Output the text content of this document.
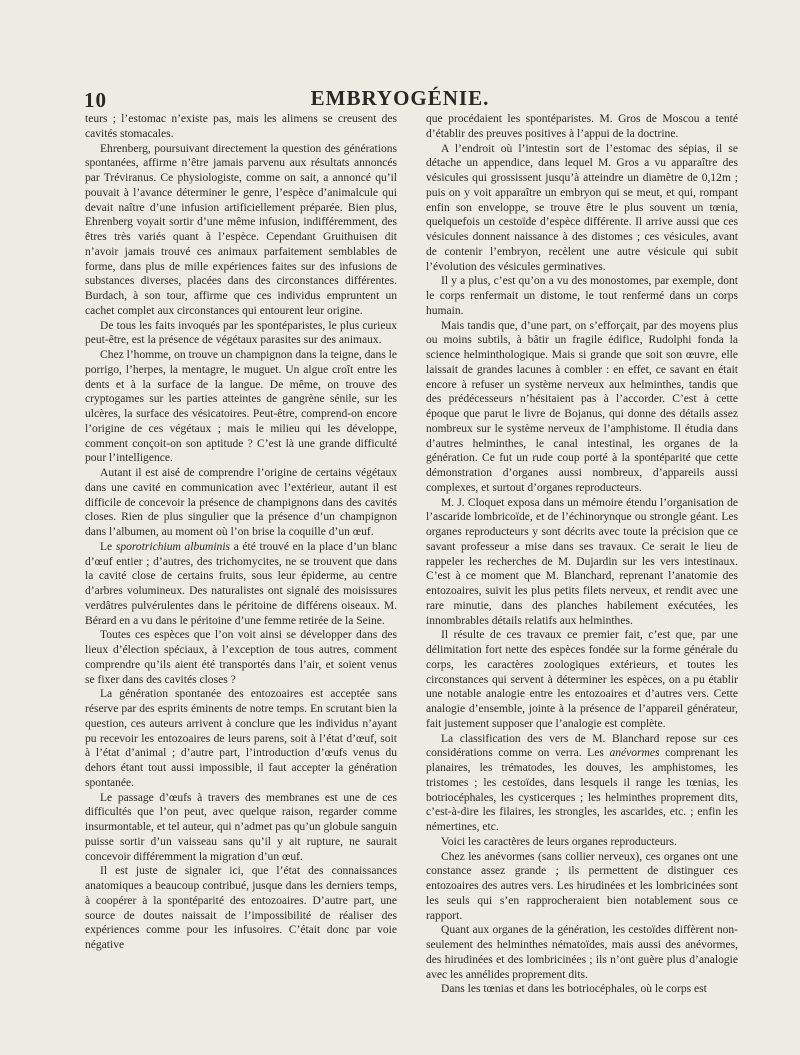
10	EMBRYOGÉNIE.

teurs ; l’estomac n’existe pas, mais les alimens se creusent des cavités stomacales.

Ehrenberg, poursuivant directement la question des générations spontanées, affirme n’être jamais parvenu aux résultats annoncés par Tréviranus. Ce physiologiste, comme on sait, a annoncé qu’il pouvait à l’avance déterminer le genre, l’espèce d’animalcule qui devait naître d’une infusion artificiellement préparée. Bien plus, Ehrenberg voyait sortir d’une même infusion, indifféremment, des êtres très variés quant à l’espèce. Cependant Gruithuisen dit n’avoir jamais trouvé ces animaux parfaitement semblables de forme, dans plus de mille expériences faites sur des infusions de substances diverses, placées dans des circonstances différentes. Burdach, à son tour, affirme que ces individus empruntent un cachet complet aux circonstances qui entourent leur origine.

De tous les faits invoqués par les spontéparistes, le plus curieux peut-être, est la présence de végétaux parasites sur des animaux.

Chez l’homme, on trouve un champignon dans la teigne, dans le porrigo, l’herpes, la mentagre, le muguet. Un algue croît entre les dents et à la surface de la langue. De même, on trouve des cryptogames sur les parties atteintes de gangrène sénile, sur les ulcères, la surface des vésicatoires. Peut-être, comprend-on encore l’origine de ces végétaux ; mais le milieu qui les développe, comment conçoit-on son aptitude ? C’est là une grande difficulté pour l’intelligence.

Autant il est aisé de comprendre l’origine de certains végétaux dans une cavité en communication avec l’extérieur, autant il est difficile de concevoir la présence de champignons dans des cavités closes. Rien de plus singulier que la présence d’un champignon dans l’albumen, au moment où l’on brise la coquille d’un œuf.

Le sporotrichium albuminis a été trouvé en la place d’un blanc d’œuf entier ; d’autres, des trichomycites, ne se trouvent que dans la cavité close de certains fruits, sous leur épiderme, au centre d’arbres volumineux. Des naturalistes ont signalé des moisissures verdâtres pulvérulentes dans le péritoine de différens oiseaux. M. Bérard en a vu dans le péritoine d’une femme retirée de la Seine.

Toutes ces espèces que l’on voit ainsi se développer dans des lieux d’élection spéciaux, à l’exception de tous autres, comment comprendre qu’ils aient été transportés dans l’air, et soient venus se fixer dans des cavités closes ?

La génération spontanée des entozoaires est acceptée sans réserve par des esprits éminents de notre temps. En scrutant bien la question, ces auteurs arrivent à conclure que les individus n’ayant pu recevoir les entozoaires de leurs parens, soit à l’état d’œuf, soit à l’état d’animal ; d’autre part, l’introduction d’œufs venus du dehors étant tout aussi impossible, il faut accepter la génération spontanée.

Le passage d’œufs à travers des membranes est une de ces difficultés que l’on peut, avec quelque raison, regarder comme insurmontable, et tel auteur, qui n’admet pas qu’un globule sanguin puisse sortir d’un vaisseau sans qu’il y ait rupture, ne saurait concevoir différemment la migration d’un œuf.

Il est juste de signaler ici, que l’état des connaissances anatomiques a beaucoup contribué, jusque dans les derniers temps, à coopérer à la spontéparité des entozoaires. D’autre part, une source de doutes naissait de l’impossibilité de réaliser des expériences comme pour les infusoires. C’était donc par voie négative

que procédaient les spontéparistes. M. Gros de Moscou a tenté d’établir des preuves positives à l’appui de la doctrine.

A l’endroit où l’intestin sort de l’estomac des sépias, il se détache un appendice, dans lequel M. Gros a vu apparaître des vésicules qui grossissent jusqu’à atteindre un diamètre de 0,12m ; puis on y voit apparaître un embryon qui se meut, et qui, rompant enfin son enveloppe, se trouve être le plus souvent un tœnia, quelquefois un cestoïde d’espèce différente. Il arrive aussi que ces vésicules donnent naissance à des distomes ; ces vésicules, avant de contenir l’embryon, recèlent une autre vésicule qui subit l’évolution des vésicules germinatives.

Il y a plus, c’est qu’on a vu des monostomes, par exemple, dont le corps renfermait un distome, le tout renfermé dans un corps humain.

Mais tandis que, d’une part, on s’efforçait, par des moyens plus ou moins subtils, à bâtir un fragile édifice, Rudolphi fonda la science helminthologique. Mais si grande que soit son œuvre, elle laissait de grandes lacunes à combler : en effet, ce savant en était encore à refuser un système nerveux aux helminthes, tandis que des prédécesseurs n’hésitaient pas à l’accorder. C’est à cette époque que parut le livre de Bojanus, qui donne des détails assez nombreux sur le système nerveux de l’amphistome. Il étudia dans d’autres helminthes, le canal intestinal, les organes de la génération. Ce fut un rude coup porté à la spontéparité que cette démonstration d’organes aussi nombreux, d’appareils aussi complexes, et surtout d’organes reproducteurs.

M. J. Cloquet exposa dans un mémoire étendu l’organisation de l’ascaride lombricoïde, et de l’échinorynque ou strongle géant. Les organes reproducteurs y sont décrits avec toute la précision que ce savant professeur a mise dans ses travaux. Ce serait le lieu de rappeler les recherches de M. Dujardin sur les vers intestinaux. C’est à ce moment que M. Blanchard, reprenant l’anatomie des entozoaires, suivit les plus petits filets nerveux, et rendit avec une rare minutie, dans des planches habilement exécutées, les innombrables détails relatifs aux helminthes.

Il résulte de ces travaux ce premier fait, c’est que, par une délimitation fort nette des espèces fondée sur la forme générale du corps, les caractères zoologiques extérieurs, et toutes les circonstances qui servent à déterminer les espèces, on a pu établir une notable analogie entre les entozoaires et d’autres vers. Cette analogie d’ensemble, jointe à la présence de l’appareil générateur, fait justement supposer que l’analogie est complète.

La classification des vers de M. Blanchard repose sur ces considérations comme on verra. Les anévormes comprenant les planaires, les trématodes, les douves, les amphistomes, les tristomes ; les cestoïdes, dans lesquels il range les tœnias, les botriocéphales, les cysticerques ; les helminthes proprement dits, c’est-à-dire les filaires, les strongles, les ascarides, etc. ; enfin les némertines, etc.

Voici les caractères de leurs organes reproducteurs.

Chez les anévormes (sans collier nerveux), ces organes ont une constance assez grande ; ils permettent de distinguer ces entozoaires des autres vers. Les hirudinées et les lombricinées sont les seuls qui s’en rapprocheraient bien notablement sous ce rapport.

Quant aux organes de la génération, les cestoïdes diffèrent non-seulement des helminthes nématoïdes, mais aussi des anévormes, des hirudinées et des lombricinées ; ils n’ont guère plus d’analogie avec les annélides proprement dits.

Dans les tœnias et dans les botriocéphales, où le corps est
